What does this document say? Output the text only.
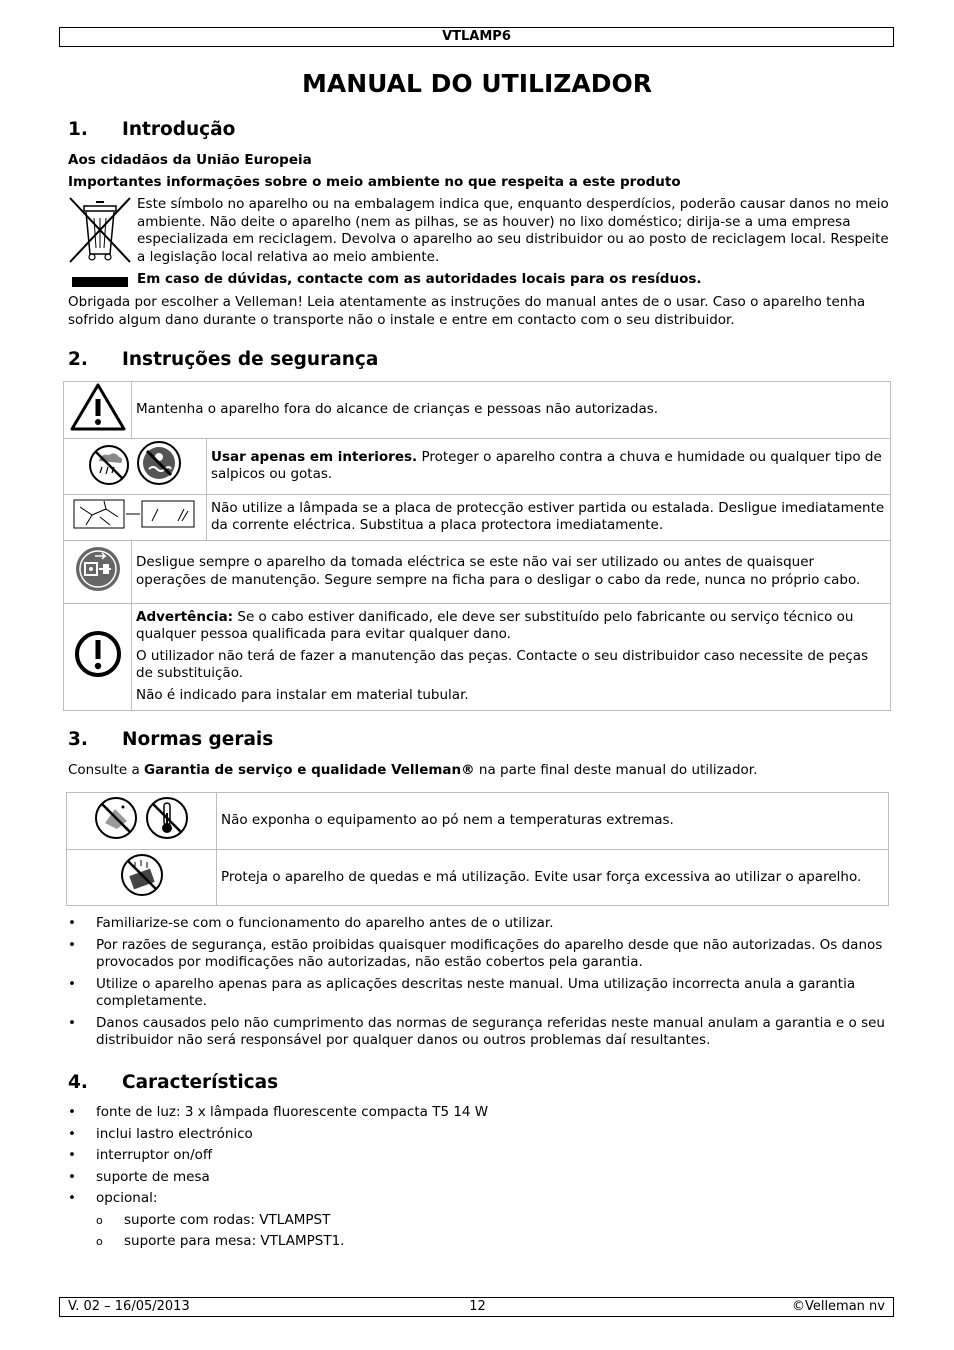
VTLAMP6
MANUAL DO UTILIZADOR
1. Introdução
Aos cidadãos da União Europeia
Importantes informações sobre o meio ambiente no que respeita a este produto
Este símbolo no aparelho ou na embalagem indica que, enquanto desperdícios, poderão causar danos no meio ambiente. Não deite o aparelho (nem as pilhas, se as houver) no lixo doméstico; dirija-se a uma empresa especializada em reciclagem. Devolva o aparelho ao seu distribuidor ou ao posto de reciclagem local. Respeite a legislação local relativa ao meio ambiente.
Em caso de dúvidas, contacte com as autoridades locais para os resíduos.
Obrigada por escolher a Velleman! Leia atentamente as instruções do manual antes de o usar. Caso o aparelho tenha sofrido algum dano durante o transporte não o instale e entre em contacto com o seu distribuidor.
2. Instruções de segurança
	Mantenha o aparelho fora do alcance de crianças e pessoas não autorizadas.	
	Usar apenas em interiores. Proteger o aparelho contra a chuva e humidade ou qualquer tipo de salpicos ou gotas.
	Não utilize a lâmpada se a placa de protecção estiver partida ou estalada. Desligue imediatamente da corrente eléctrica. Substitua a placa protectora imediatamente.
	Desligue sempre o aparelho da tomada eléctrica se este não vai ser utilizado ou antes de quaisquer operações de manutenção. Segure sempre na ficha para o desligar o cabo da rede, nunca no próprio cabo.	

Advertência: Se o cabo estiver danificado, ele deve ser substituído pelo fabricante ou serviço técnico ou qualquer pessoa qualificada para evitar qualquer dano.

O utilizador não terá de fazer a manutenção das peças. Contacte o seu distribuidor caso necessite de peças de substituição.

Não é indicado para instalar em material tubular.	

3. Normas gerais
Consulte a Garantia de serviço e qualidade Velleman® na parte final deste manual do utilizador.
	Não exponha o equipamento ao pó nem a temperaturas extremas.
	Proteja o aparelho de quedas e má utilização. Evite usar força excessiva ao utilizar o aparelho.
• Familiarize-se com o funcionamento do aparelho antes de o utilizar.
• Por razões de segurança, estão proibidas quaisquer modificações do aparelho desde que não autorizadas. Os danos provocados por modificações não autorizadas, não estão cobertos pela garantia.
• Utilize o aparelho apenas para as aplicações descritas neste manual. Uma utilização incorrecta anula a garantia completamente.
• Danos causados pelo não cumprimento das normas de segurança referidas neste manual anulam a garantia e o seu distribuidor não será responsável por qualquer danos ou outros problemas daí resultantes.
4. Características
• fonte de luz: 3 x lâmpada fluorescente compacta T5 14 W
• inclui lastro electrónico
• interruptor on/off
• suporte de mesa
• opcional:
o suporte com rodas: VTLAMPST
o suporte para mesa: VTLAMPST1.
V. 02 – 16/05/2013	12	©Velleman nv
